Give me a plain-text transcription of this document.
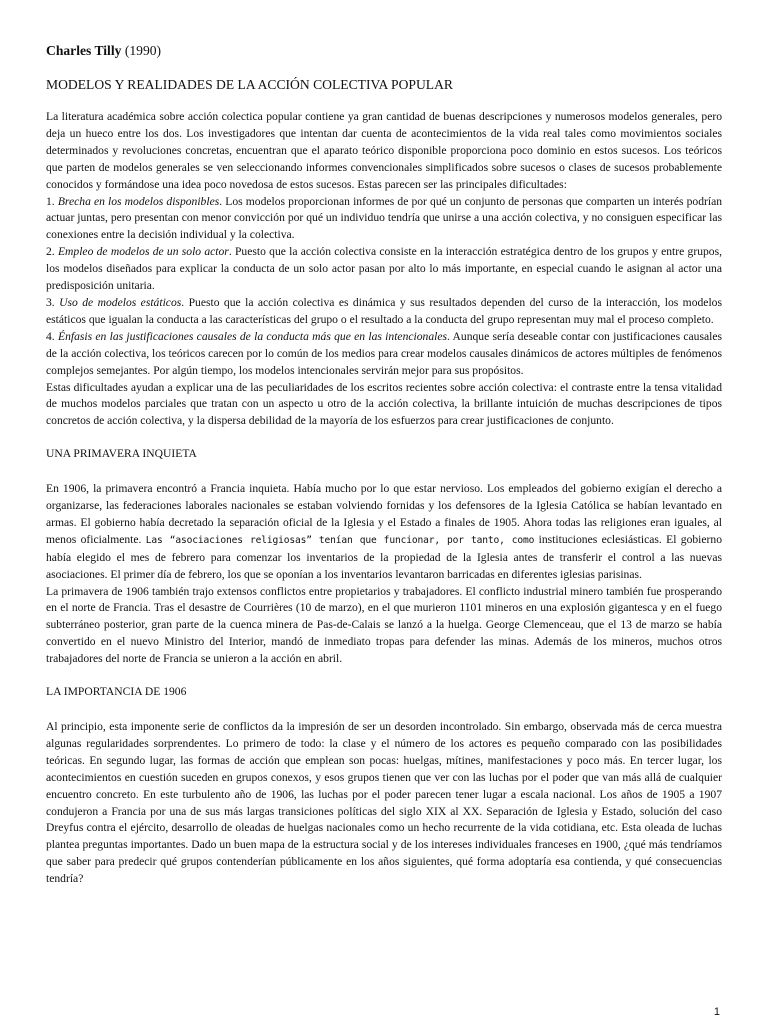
Charles Tilly (1990)

MODELOS Y REALIDADES DE LA ACCIÓN COLECTIVA POPULAR

La literatura académica sobre acción colectica popular contiene ya gran cantidad de buenas descripciones y numerosos modelos generales, pero deja un hueco entre los dos. Los investigadores que intentan dar cuenta de acontecimientos de la vida real tales como movimientos sociales determinados y revoluciones concretas, encuentran que el aparato teórico disponible proporciona poco dominio en estos sucesos. Los teóricos que parten de modelos generales se ven seleccionando informes convencionales simplificados sobre sucesos o clases de sucesos probablemente conocidos y formándose una idea poco novedosa de estos sucesos. Estas parecen ser las principales dificultades:

1. Brecha en los modelos disponibles. Los modelos proporcionan informes de por qué un conjunto de personas que comparten un interés podrían actuar juntas, pero presentan con menor convicción por qué un individuo tendría que unirse a una acción colectiva, y no consiguen especificar las conexiones entre la decisión individual y la colectiva.

2. Empleo de modelos de un solo actor. Puesto que la acción colectiva consiste en la interacción estratégica dentro de los grupos y entre grupos, los modelos diseñados para explicar la conducta de un solo actor pasan por alto lo más importante, en especial cuando le asignan al actor una predisposición unitaria.

3. Uso de modelos estáticos. Puesto que la acción colectiva es dinámica y sus resultados dependen del curso de la interacción, los modelos estáticos que igualan la conducta a las características del grupo o el resultado a la conducta del grupo representan muy mal el proceso completo.

4. Énfasis en las justificaciones causales de la conducta más que en las intencionales. Aunque sería deseable contar con justificaciones causales de la acción colectiva, los teóricos carecen por lo común de los medios para crear modelos causales dinámicos de actores múltiples de fenómenos complejos semejantes. Por algún tiempo, los modelos intencionales servirán mejor para sus propósitos.

Estas dificultades ayudan a explicar una de las peculiaridades de los escritos recientes sobre acción colectiva: el contraste entre la tensa vitalidad de muchos modelos parciales que tratan con un aspecto u otro de la acción colectiva, la brillante intuición de muchas descripciones de tipos concretos de acción colectiva, y la dispersa debilidad de la mayoría de los esfuerzos para crear justificaciones de conjunto.

UNA PRIMAVERA INQUIETA

En 1906, la primavera encontró a Francia inquieta. Había mucho por lo que estar nervioso. Los empleados del gobierno exigían el derecho a organizarse, las federaciones laborales nacionales se estaban volviendo fornidas y los defensores de la Iglesia Católica se habían levantado en armas. El gobierno había decretado la separación oficial de la Iglesia y el Estado a finales de 1905. Ahora todas las religiones eran iguales, al menos oficialmente. Las “asociaciones religiosas” tenían que funcionar, por tanto, como instituciones eclesiásticas. El gobierno había elegido el mes de febrero para comenzar los inventarios de la propiedad de la Iglesia antes de transferir el control a las nuevas asociaciones. El primer día de febrero, los que se oponían a los inventarios levantaron barricadas en diferentes iglesias parisinas.

La primavera de 1906 también trajo extensos conflictos entre propietarios y trabajadores. El conflicto industrial minero también fue prosperando en el norte de Francia. Tras el desastre de Courrières (10 de marzo), en el que murieron 1101 mineros en una explosión gigantesca y en el fuego subterráneo posterior, gran parte de la cuenca minera de Pas-de-Calais se lanzó a la huelga. George Clemenceau, que el 13 de marzo se había convertido en el nuevo Ministro del Interior, mandó de inmediato tropas para defender las minas. Además de los mineros, muchos otros trabajadores del norte de Francia se unieron a la acción en abril.

LA IMPORTANCIA DE 1906

Al principio, esta imponente serie de conflictos da la impresión de ser un desorden incontrolado. Sin embargo, observada más de cerca muestra algunas regularidades sorprendentes. Lo primero de todo: la clase y el número de los actores es pequeño comparado con las posibilidades teóricas. En segundo lugar, las formas de acción que emplean son pocas: huelgas, mítines, manifestaciones y poco más. En tercer lugar, los acontecimientos en cuestión suceden en grupos conexos, y esos grupos tienen que ver con las luchas por el poder que van más allá de cualquier encuentro concreto. En este turbulento año de 1906, las luchas por el poder parecen tener lugar a escala nacional. Los años de 1905 a 1907 condujeron a Francia por una de sus más largas transiciones políticas del siglo XIX al XX. Separación de Iglesia y Estado, solución del caso Dreyfus contra el ejército, desarrollo de oleadas de huelgas nacionales como un hecho recurrente de la vida cotidiana, etc. Esta oleada de luchas plantea preguntas importantes. Dado un buen mapa de la estructura social y de los intereses individuales franceses en 1900, ¿qué más tendríamos que saber para predecir qué grupos contenderían públicamente en los años siguientes, qué forma adoptaría esa contienda, y qué consecuencias tendría?

1
